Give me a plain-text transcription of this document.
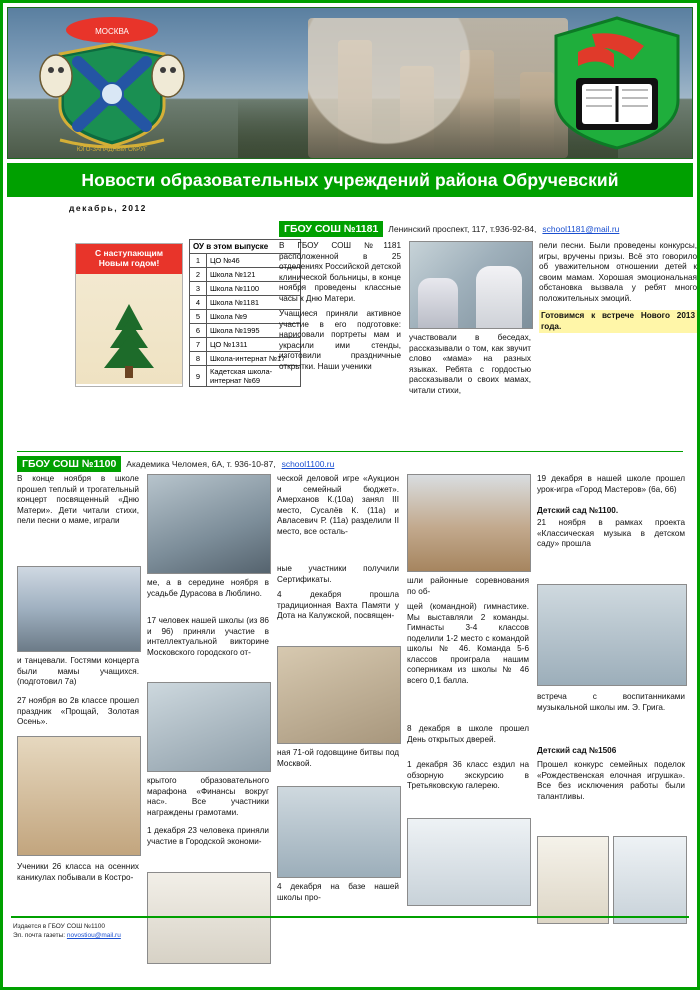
МОСКВА
ЮГО-ЗАПАДНЫЙ ОКРУГ
Новости образовательных учреждений района Обручевский
декабрь, 2012
С наступающим
Новым годом!
ОУ в этом выпуске
1	ЦО №46
2	Школа №121
3	Школа №1100
4	Школа №1181
5	Школа №9
6	Школа №1995
7	ЦО №1311
8	Школа-интернат №17
9	Кадетская школа-интернат №69
ГБОУ СОШ №1181	Ленинский проспект, 117, т.936-92-84, school1181@mail.ru

В ГБОУ СОШ №1181 расположенной в 25 отделениях Российской детской клинической больницы, в конце ноября проведены классные часы к Дню Матери.

Учащиеся приняли активное участие в его подготовке: нарисовали портреты мам и украсили ими стенды, изготовили праздничные открытки. Наши ученики

участвовали в беседах, рассказывали о том, как звучит слово «мама» на разных языках. Ребята с гордостью рассказывали о своих мамах, читали стихи,

пели песни. Были проведены конкурсы, игры, вручены призы. Всё это говорило об уважительном отношении детей к своим мамам. Хорошая эмоциональная обстановка вызвала у ребят много положительных эмоций.

Готовимся к встрече Нового 2013 года.

ГБОУ СОШ №1100	Академика Челомея, 6А, т. 936-10-87, school1100.ru
В конце ноября в школе прошел теплый и трогательный концерт посвященный «Дню Матери». Дети читали стихи, пели песни о маме, играли
и танцевали. Гостями концерта были мамы учащихся. (подготовил 7а)
27 ноября во 2в классе прошел праздник «Прощай, Золотая Осень».
Ученики 26 класса на осенних каникулах побывали в Костро-
ме, а в середине ноября в усадьбе Дурасова в Люблино.
17 человек нашей школы (из 86 и 96) приняли участие в интеллектуальной викторине Московского городского от-
крытого образовательного марафона «Финансы вокруг нас». Все участники награждены грамотами.
1 декабря 23 человека приняли участие в Городской экономи-
ческой деловой игре «Аукцион и семейный бюджет». Амерханов К.(10а) занял III место, Сусалёв К. (11а) и Авласевич Р. (11а) разделили II место, все осталь-
ные участники получили Сертификаты.
4 декабря прошла традиционная Вахта Памяти у Дота на Калужской, посвящен-
ная 71-ой годовщине битвы под Москвой.
4 декабря на базе нашей школы про-
шли районные соревнования по об-
щей (командной) гимнастике. Мы выставляли 2 команды. Гимнасты 3-4 классов поделили 1-2 место с командой школы № 46. Команда 5-6 классов проиграла нашим соперникам из школы № 46 всего 0,1 балла.
8 декабря в школе прошел День открытых дверей.
1 декабря 36 класс ездил на обзорную экскурсию в Третьяковскую галерею.
19 декабря в нашей школе прошел урок-игра «Город Мастеров» (6а, 66)
Детский сад №1100.
21 ноября в рамках проекта «Классическая музыка в детском саду» прошла
встреча с воспитанниками музыкальной школы им. Э. Грига.
Детский сад №1506
Прошел конкурс семейных поделок «Рождественская елочная игрушка». Все без исключения работы были талантливы.
Издается в ГБОУ СОШ №1100
Эл. почта газеты: novostiou@mail.ru
